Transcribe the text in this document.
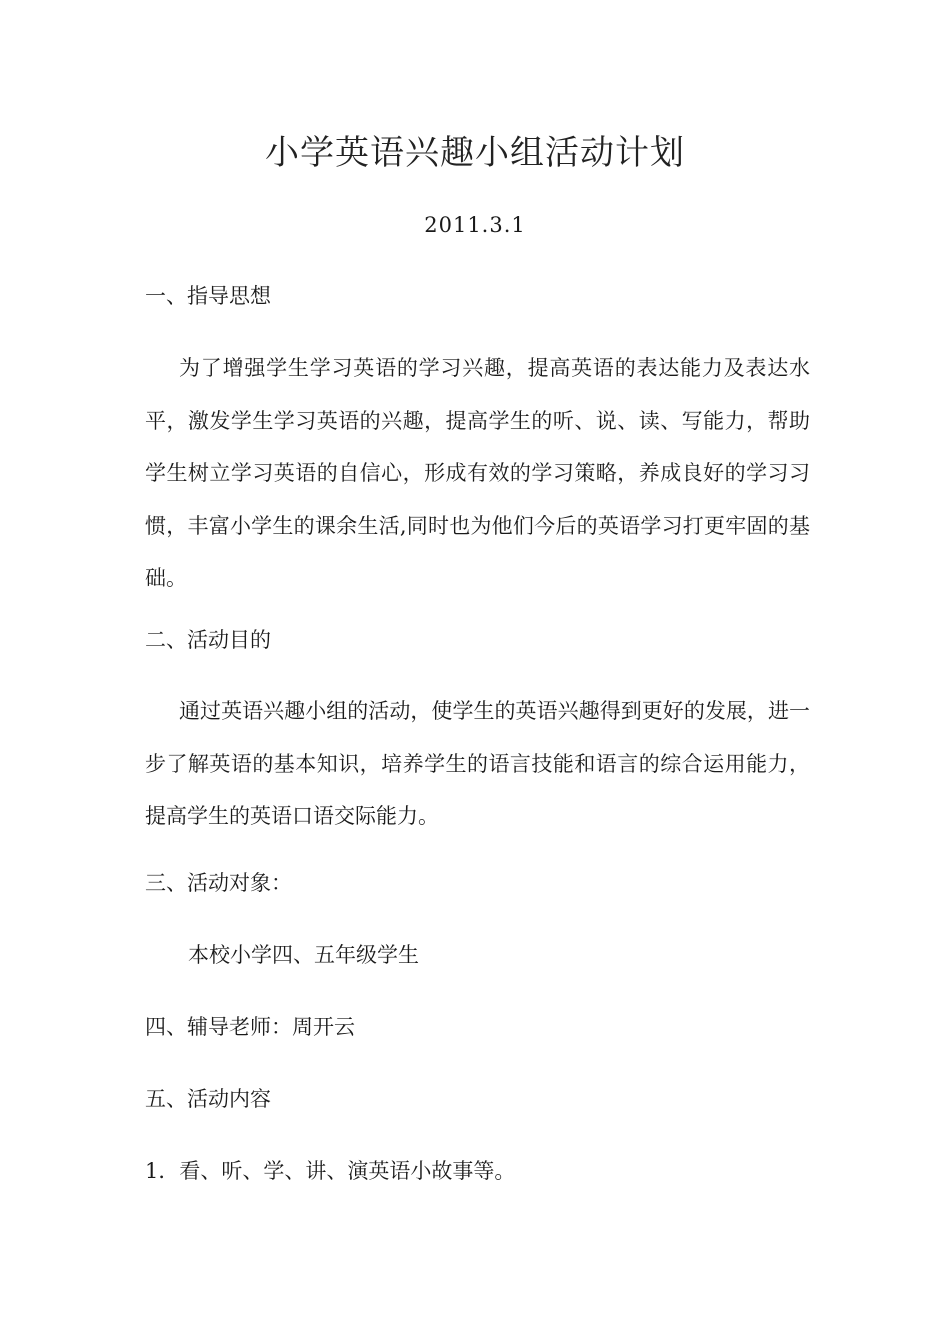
小学英语兴趣小组活动计划
2011.3.1
一、指导思想
为了增强学生学习英语的学习兴趣，提高英语的表达能力及表达水平，激发学生学习英语的兴趣，提高学生的听、说、读、写能力，帮助学生树立学习英语的自信心，形成有效的学习策略，养成良好的学习习惯，丰富小学生的课余生活,同时也为他们今后的英语学习打更牢固的基础。
二、活动目的
通过英语兴趣小组的活动，使学生的英语兴趣得到更好的发展，进一步了解英语的基本知识，培养学生的语言技能和语言的综合运用能力，提高学生的英语口语交际能力。
三、活动对象：
本校小学四、五年级学生
四、辅导老师：周开云
五、活动内容
1．看、听、学、讲、演英语小故事等。
